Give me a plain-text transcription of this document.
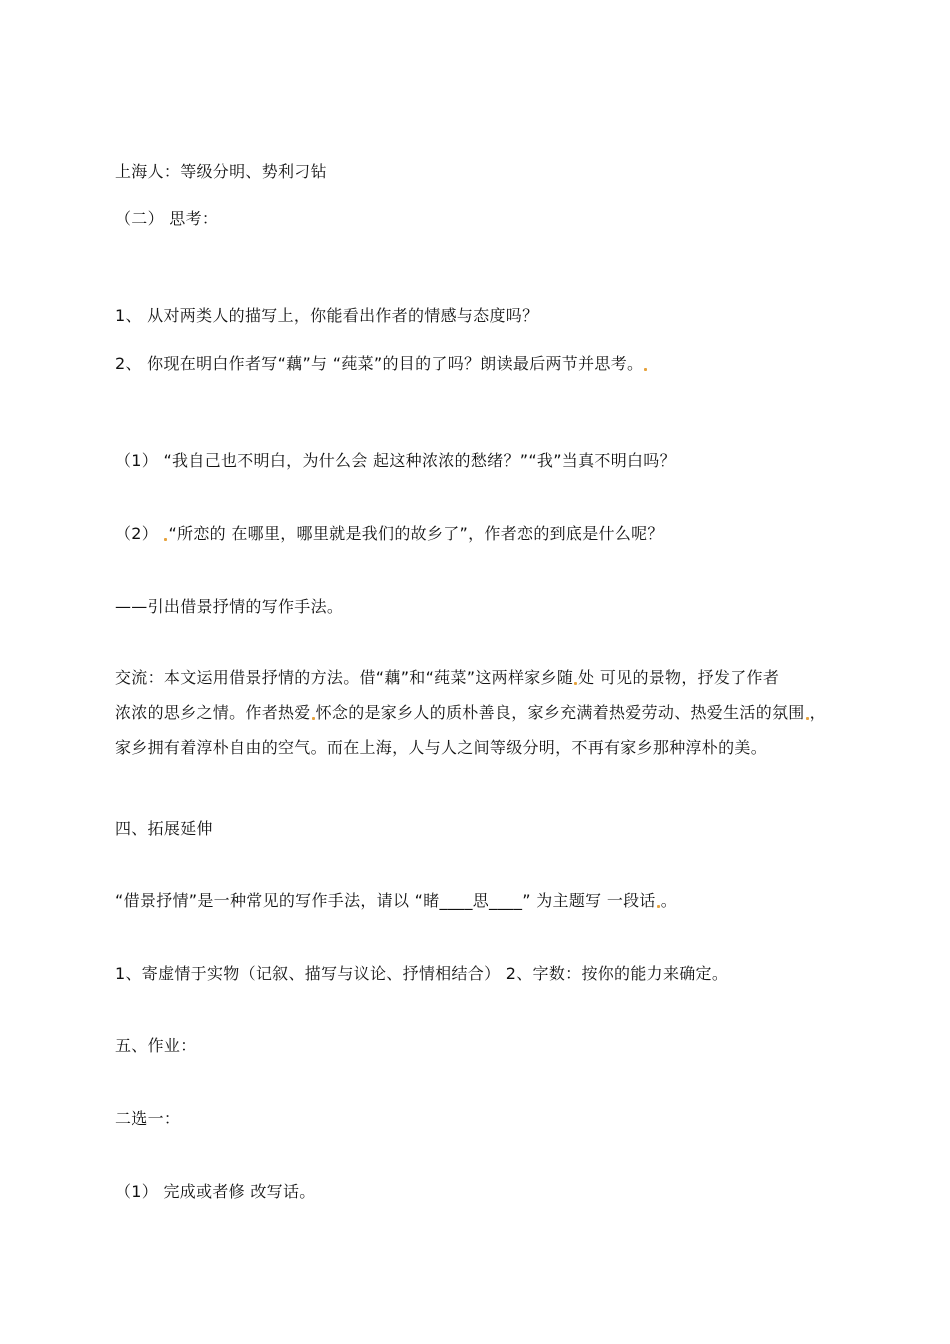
上海人：等级分明、势利刁钻
（二） 思考：
1、 从对两类人的描写上，你能看出作者的情感与态度吗？
2、 你现在明白作者写“藕”与 “莼菜”的目的了吗？朗读最后两节并思考。
（1） “我自己也不明白，为什么会 起这种浓浓的愁绪？”“我”当真不明白吗？
（2） “所恋的 在哪里，哪里就是我们的故乡了”，作者恋的到底是什么呢？
——引出借景抒情的写作手法。
交流：本文运用借景抒情的方法。借“藕”和“莼菜”这两样家乡随 处 可见的景物，抒发了作者
浓浓的思乡之情。作者热爱 怀念的是家乡人的质朴善良，家乡充满着热爱劳动、热爱生活的氛围 ，
家乡拥有着淳朴自由的空气。而在上海，人与人之间等级分明，不再有家乡那种淳朴的美。
四、拓展延伸
“借景抒情”是一种常见的写作手法，请以 “睹____思____” 为主题写 一段话 。
1、寄虚情于实物（记叙、描写与议论、抒情相结合） 2、字数：按你的能力来确定。
五、作业：
二选一：
（1） 完成或者修 改写话。
